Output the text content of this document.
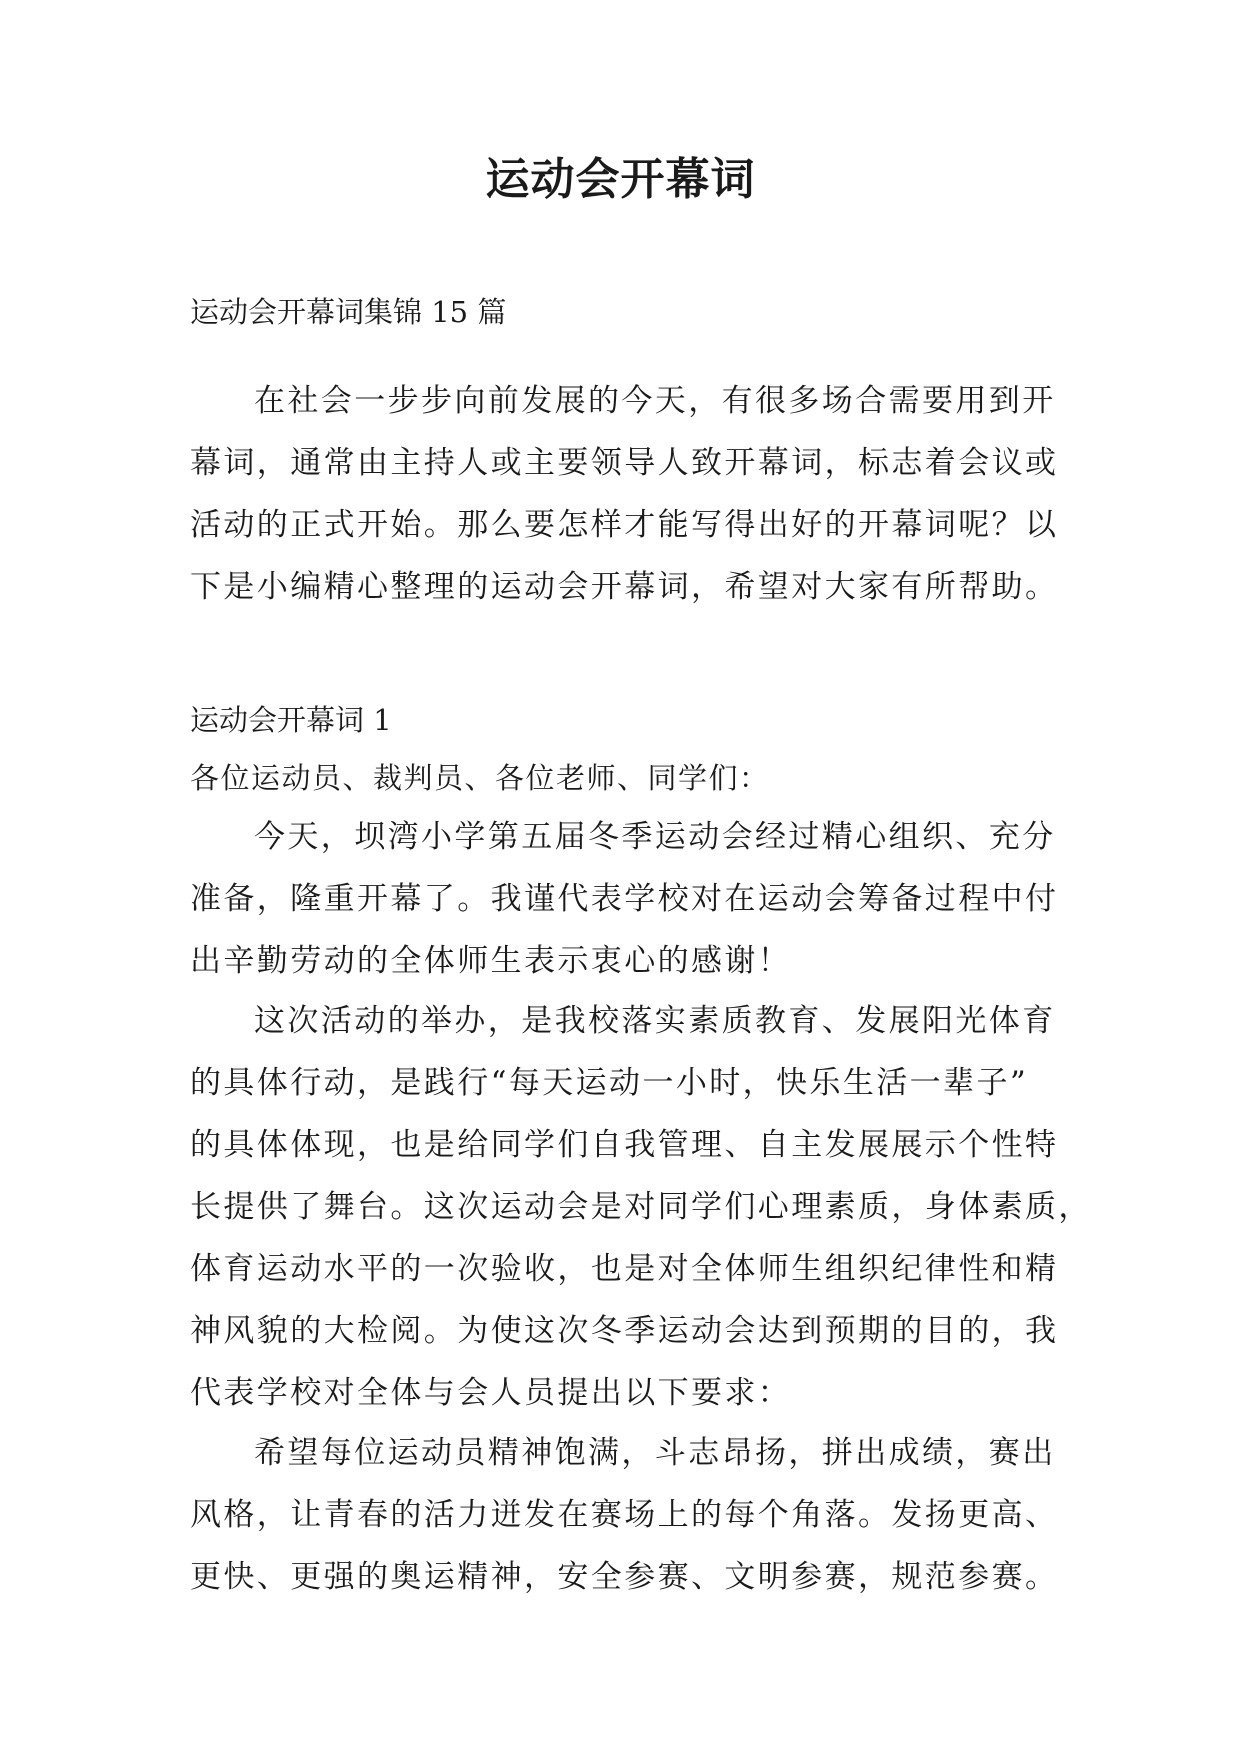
运动会开幕词

运动会开幕词集锦 15 篇

在社会一步步向前发展的今天，有很多场合需要用到开
幕词，通常由主持人或主要领导人致开幕词，标志着会议或
活动的正式开始。那么要怎样才能写得出好的开幕词呢？以
下是小编精心整理的运动会开幕词，希望对大家有所帮助。

运动会开幕词 1

各位运动员、裁判员、各位老师、同学们：

今天，坝湾小学第五届冬季运动会经过精心组织、充分
准备，隆重开幕了。我谨代表学校对在运动会筹备过程中付
出辛勤劳动的全体师生表示衷心的感谢！
这次活动的举办，是我校落实素质教育、发展阳光体育
的具体行动，是践行“每天运动一小时，快乐生活一辈子”
的具体体现，也是给同学们自我管理、自主发展展示个性特
长提供了舞台。这次运动会是对同学们心理素质，身体素质，
体育运动水平的一次验收，也是对全体师生组织纪律性和精
神风貌的大检阅。为使这次冬季运动会达到预期的目的，我
代表学校对全体与会人员提出以下要求：
希望每位运动员精神饱满，斗志昂扬，拼出成绩，赛出
风格，让青春的活力迸发在赛场上的每个角落。发扬更高、
更快、更强的奥运精神，安全参赛、文明参赛，规范参赛。
